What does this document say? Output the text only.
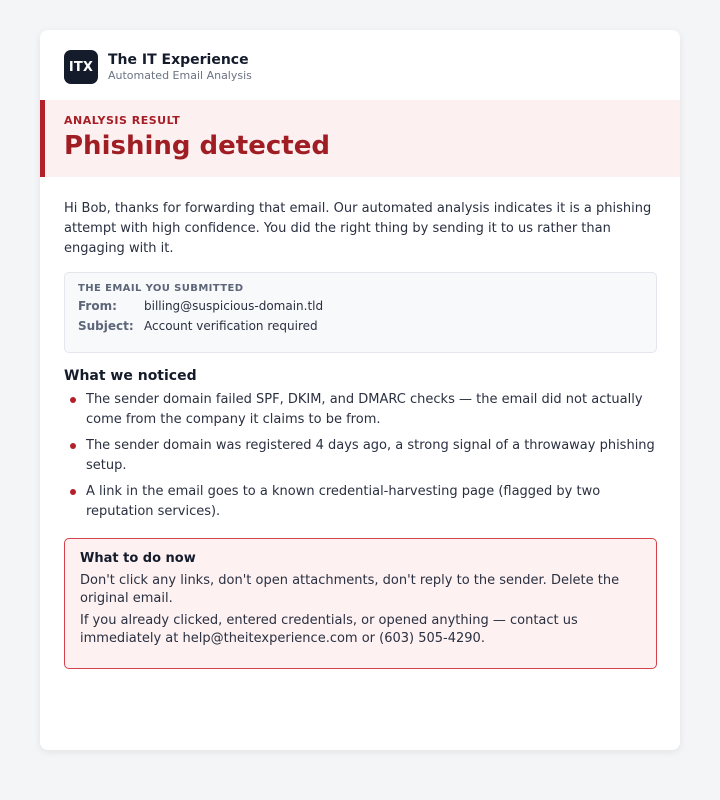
ITX	The IT Experience
Automated Email Analysis
ANALYSIS RESULT
Phishing detected

Hi Bob, thanks for forwarding that email. Our automated analysis indicates it is a phishing attempt with high confidence. You did the right thing by sending it to us rather than engaging with it.

THE EMAIL YOU SUBMITTED
From:	billing@suspicious-domain.tld
Subject: Account verification required
What we noticed
The sender domain failed SPF, DKIM, and DMARC checks — the email did not actually come from the company it claims to be from.
The sender domain was registered 4 days ago, a strong signal of a throwaway phishing setup.
A link in the email goes to a known credential-harvesting page (flagged by two reputation services).
What to do now

Don't click any links, don't open attachments, don't reply to the sender. Delete the original email.

If you already clicked, entered credentials, or opened anything — contact us immediately at help@theitexperience.com or (603) 505-4290.
